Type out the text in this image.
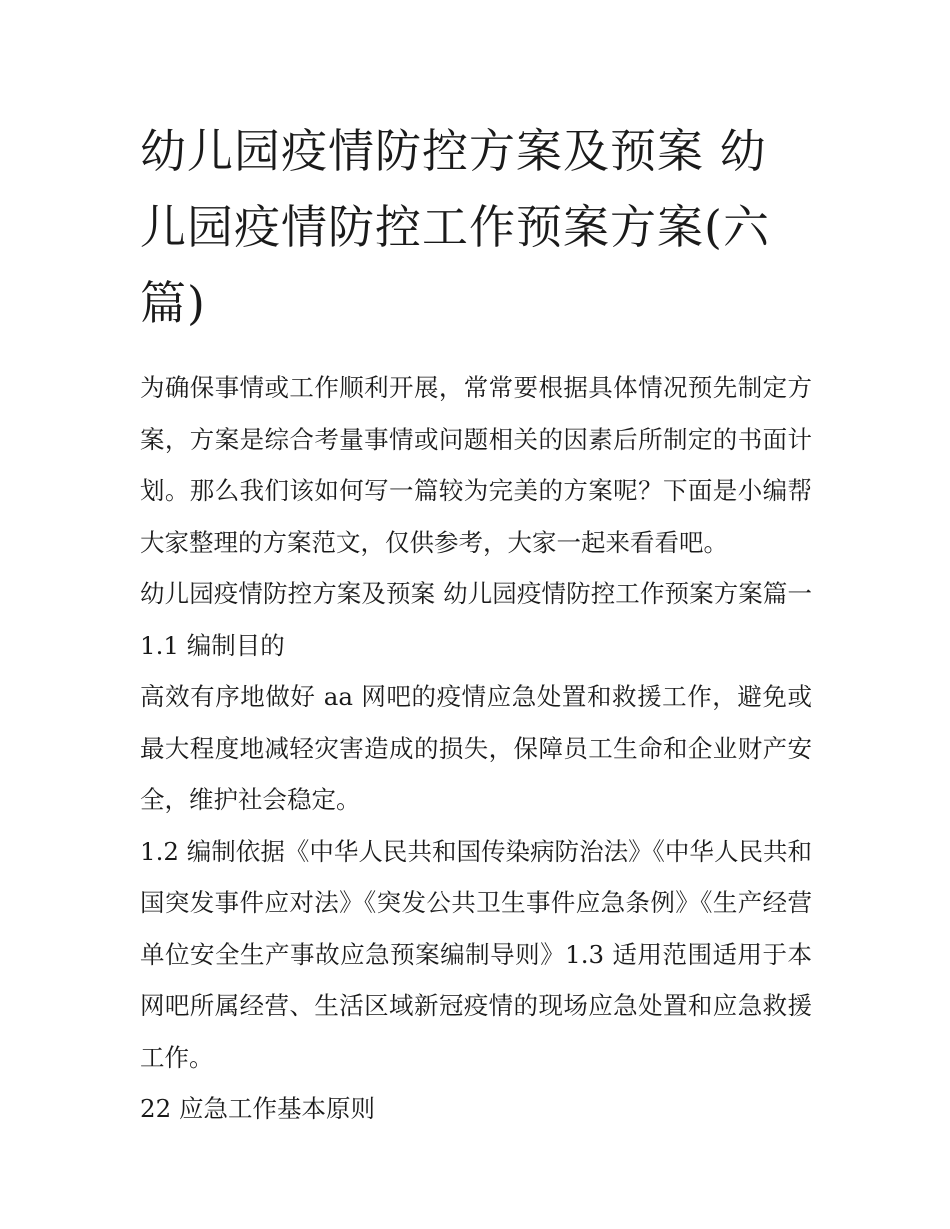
幼儿园疫情防控方案及预案 幼儿园疫情防控工作预案方案(六篇)

为确保事情或工作顺利开展，常常要根据具体情况预先制定方案，方案是综合考量事情或问题相关的因素后所制定的书面计划。那么我们该如何写一篇较为完美的方案呢？下面是小编帮大家整理的方案范文，仅供参考，大家一起来看看吧。

幼儿园疫情防控方案及预案 幼儿园疫情防控工作预案方案篇一 1.1 编制目的

高效有序地做好 aa 网吧的疫情应急处置和救援工作，避免或最大程度地减轻灾害造成的损失，保障员工生命和企业财产安全，维护社会稳定。

1.2 编制依据《中华人民共和国传染病防治法》《中华人民共和国突发事件应对法》《突发公共卫生事件应急条例》《生产经营单位安全生产事故应急预案编制导则》1.3 适用范围适用于本网吧所属经营、生活区域新冠疫情的现场应急处置和应急救援工作。

22 应急工作基本原则
